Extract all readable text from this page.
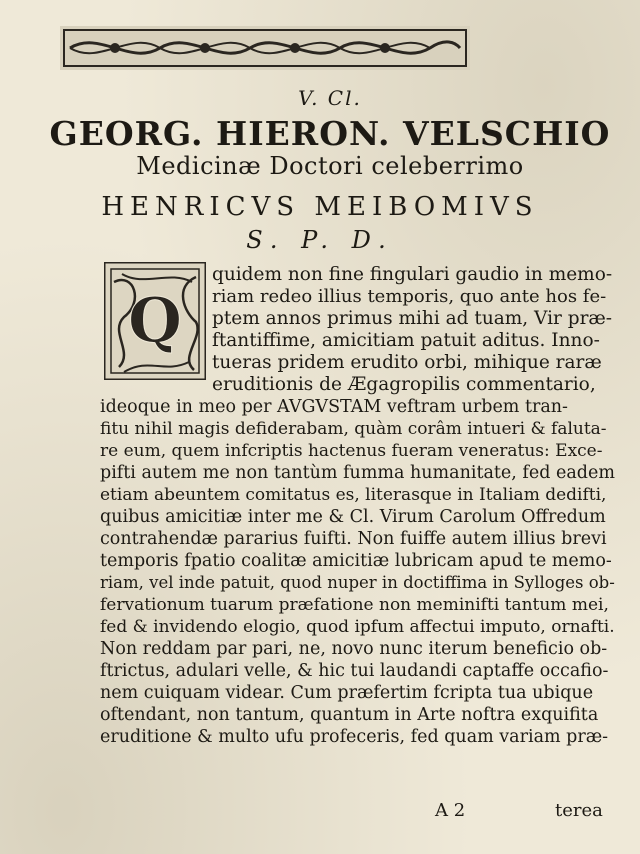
V. Cl.
GEORG. HIERON. VELSCHIO
Medicinæ Doctori celeberrimo
HENRICVS MEIBOMIVS
S. P. D.
Q
quidem non fine fingulari gaudio in memo-
riam redeo illius temporis, quo ante hos fe-
ptem annos primus mihi ad tuam, Vir præ-
ftantiffime, amicitiam patuit aditus. Inno-
tueras pridem erudito orbi, mihique raræ
eruditionis de Ægagropilis commentario,
ideoque in meo per AVGVSTAM veftram urbem tran-
fitu nihil magis defiderabam, quàm corâm intueri & faluta-
re eum, quem infcriptis hactenus fueram veneratus: Exce-
pifti autem me non tantùm fumma humanitate, fed eadem
etiam abeuntem comitatus es, literasque in Italiam dedifti,
quibus amicitiæ inter me & Cl. Virum Carolum Offredum
contrahendæ pararius fuifti. Non fuiffe autem illius brevi
temporis fpatio coalitæ amicitiæ lubricam apud te memo-
riam, vel inde patuit, quod nuper in doctiffima in Sylloges ob-
fervationum tuarum præfatione non meminifti tantum mei,
fed & invidendo elogio, quod ipfum affectui imputo, ornafti.
Non reddam par pari, ne, novo nunc iterum beneficio ob-
ftrictus, adulari velle, & hic tui laudandi captaffe occafio-
nem cuiquam videar. Cum præfertim fcripta tua ubique
oftendant, non tantum, quantum in Arte noftra exquifita
eruditione & multo ufu profeceris, fed quam variam præ-
A 2	terea
